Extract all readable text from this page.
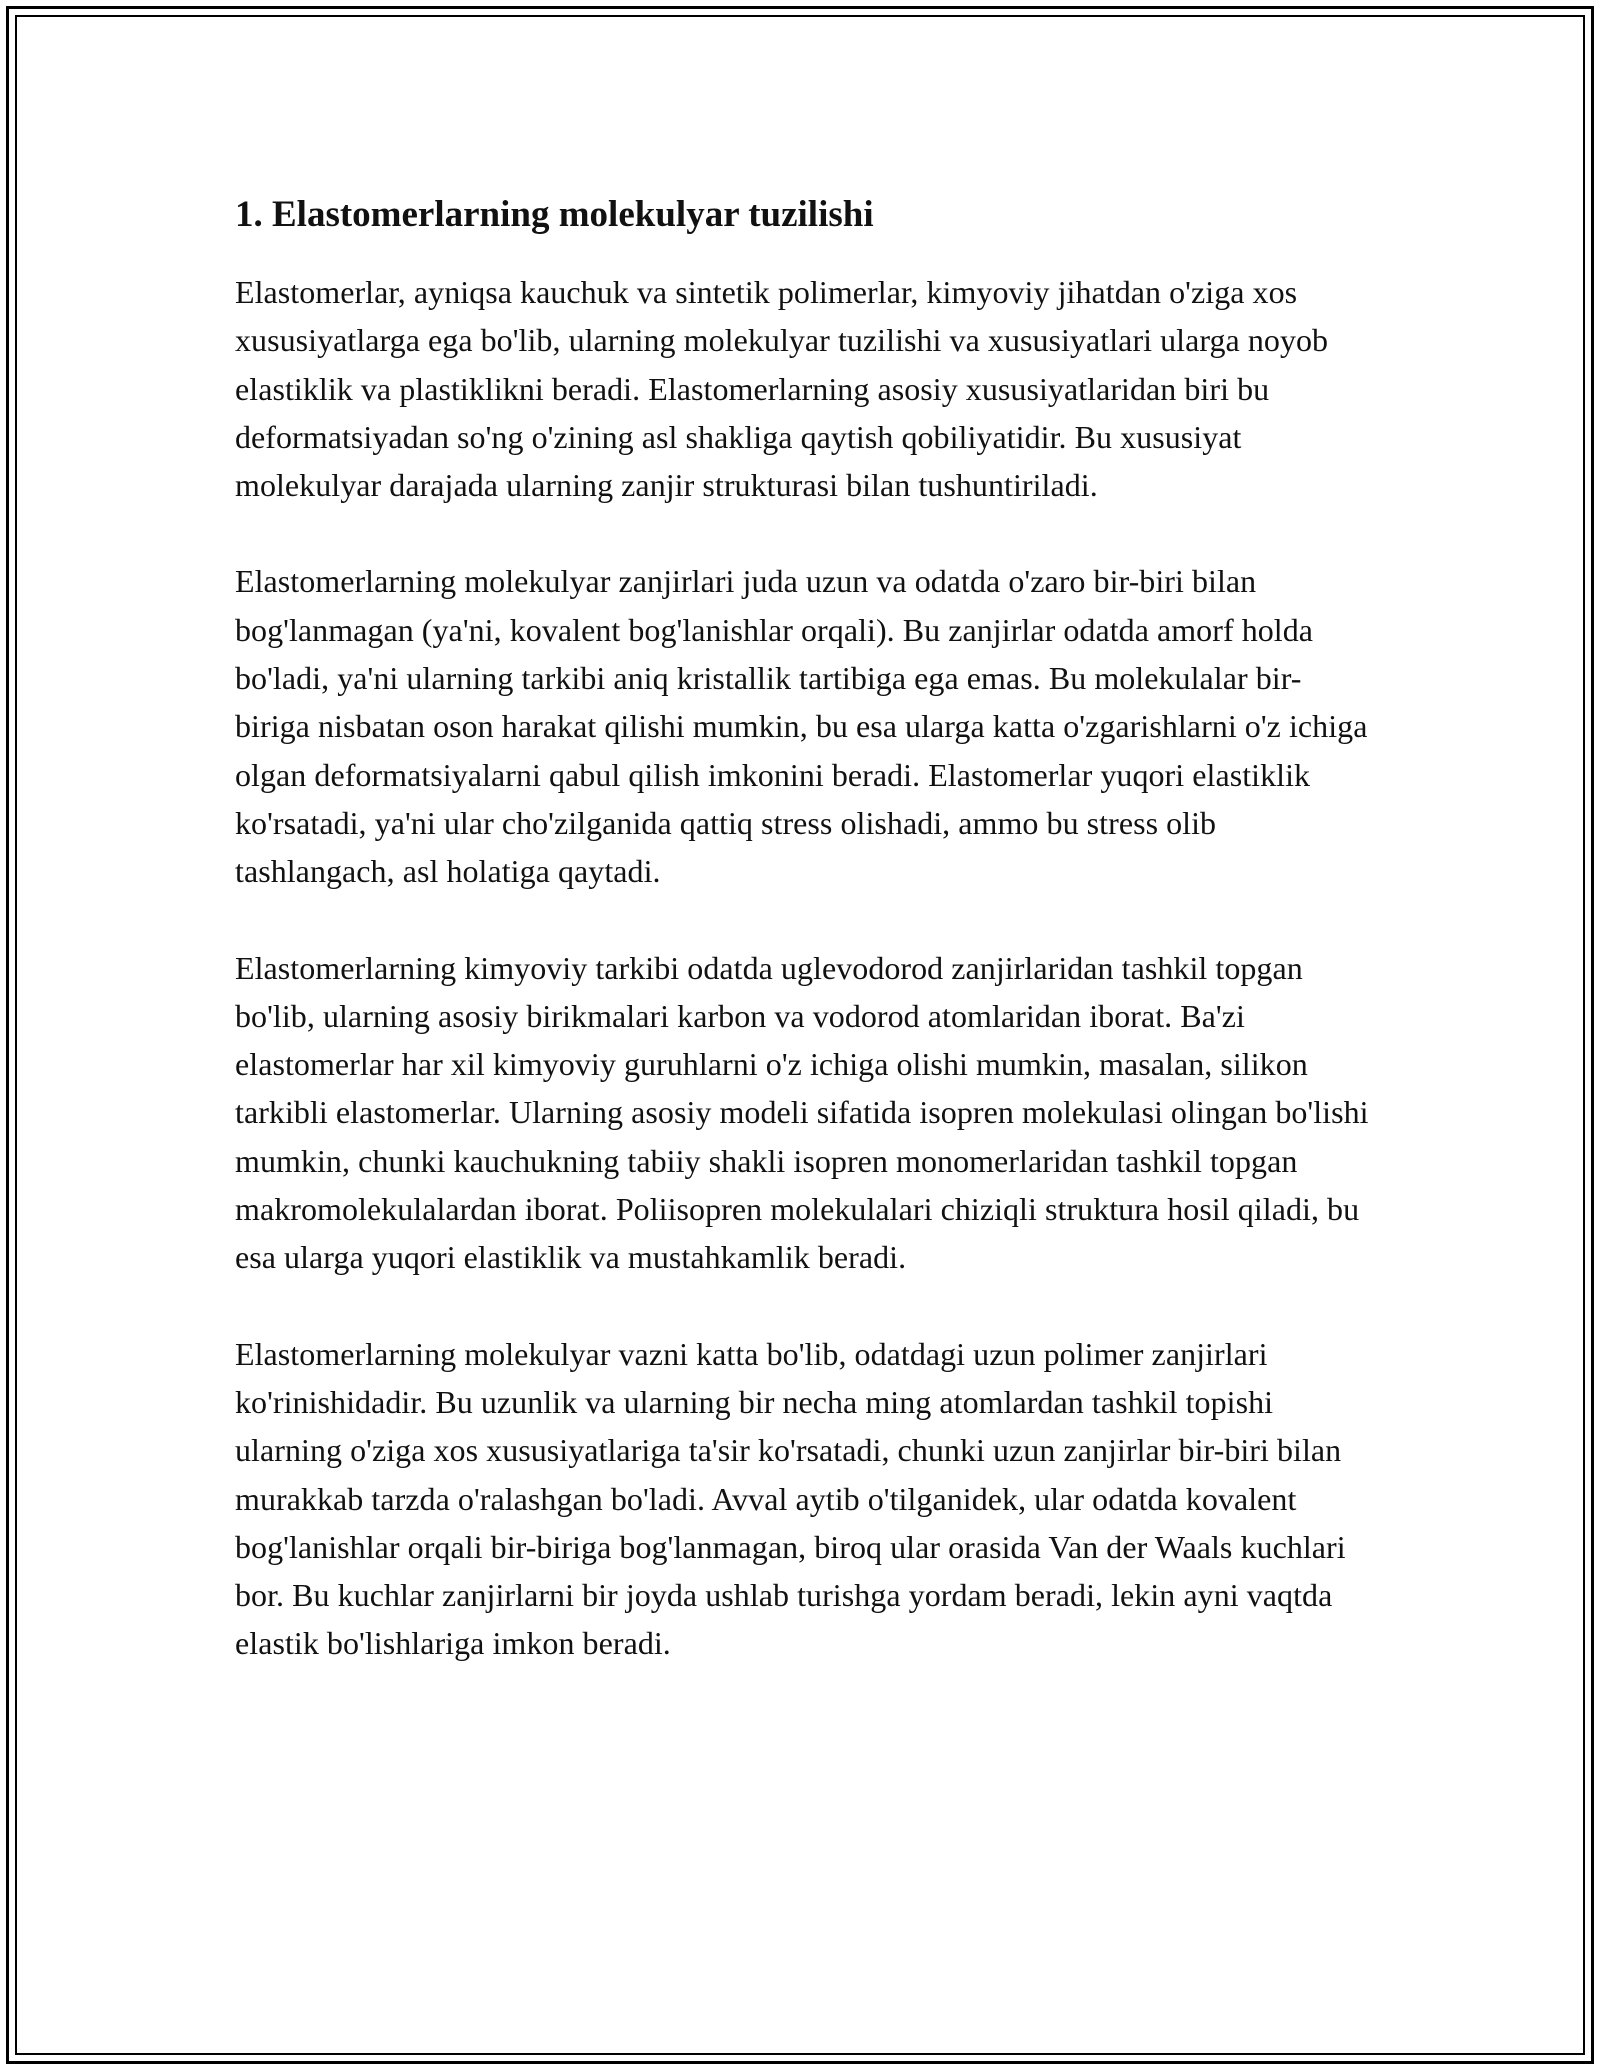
1. Elastomerlarning molekulyar tuzilishi

Elastomerlar, ayniqsa kauchuk va sintetik polimerlar, kimyoviy jihatdan o'ziga xos xususiyatlarga ega bo'lib, ularning molekulyar tuzilishi va xususiyatlari ularga noyob elastiklik va plastiklikni beradi. Elastomerlarning asosiy xususiyatlaridan biri bu deformatsiyadan so'ng o'zining asl shakliga qaytish qobiliyatidir. Bu xususiyat molekulyar darajada ularning zanjir strukturasi bilan tushuntiriladi.

Elastomerlarning molekulyar zanjirlari juda uzun va odatda o'zaro bir-biri bilan bog'lanmagan (ya'ni, kovalent bog'lanishlar orqali). Bu zanjirlar odatda amorf holda bo'ladi, ya'ni ularning tarkibi aniq kristallik tartibiga ega emas. Bu molekulalar bir-biriga nisbatan oson harakat qilishi mumkin, bu esa ularga katta o'zgarishlarni o'z ichiga olgan deformatsiyalarni qabul qilish imkonini beradi. Elastomerlar yuqori elastiklik ko'rsatadi, ya'ni ular cho'zilganida qattiq stress olishadi, ammo bu stress olib tashlangach, asl holatiga qaytadi.

Elastomerlarning kimyoviy tarkibi odatda uglevodorod zanjirlaridan tashkil topgan bo'lib, ularning asosiy birikmalari karbon va vodorod atomlaridan iborat. Ba'zi elastomerlar har xil kimyoviy guruhlarni o'z ichiga olishi mumkin, masalan, silikon tarkibli elastomerlar. Ularning asosiy modeli sifatida isopren molekulasi olingan bo'lishi mumkin, chunki kauchukning tabiiy shakli isopren monomerlaridan tashkil topgan makromolekulalardan iborat. Poliisopren molekulalari chiziqli struktura hosil qiladi, bu esa ularga yuqori elastiklik va mustahkamlik beradi.

Elastomerlarning molekulyar vazni katta bo'lib, odatdagi uzun polimer zanjirlari ko'rinishidadir. Bu uzunlik va ularning bir necha ming atomlardan tashkil topishi ularning o'ziga xos xususiyatlariga ta'sir ko'rsatadi, chunki uzun zanjirlar bir-biri bilan murakkab tarzda o'ralashgan bo'ladi. Avval aytib o'tilganidek, ular odatda kovalent bog'lanishlar orqali bir-biriga bog'lanmagan, biroq ular orasida Van der Waals kuchlari bor. Bu kuchlar zanjirlarni bir joyda ushlab turishga yordam beradi, lekin ayni vaqtda elastik bo'lishlariga imkon beradi.
